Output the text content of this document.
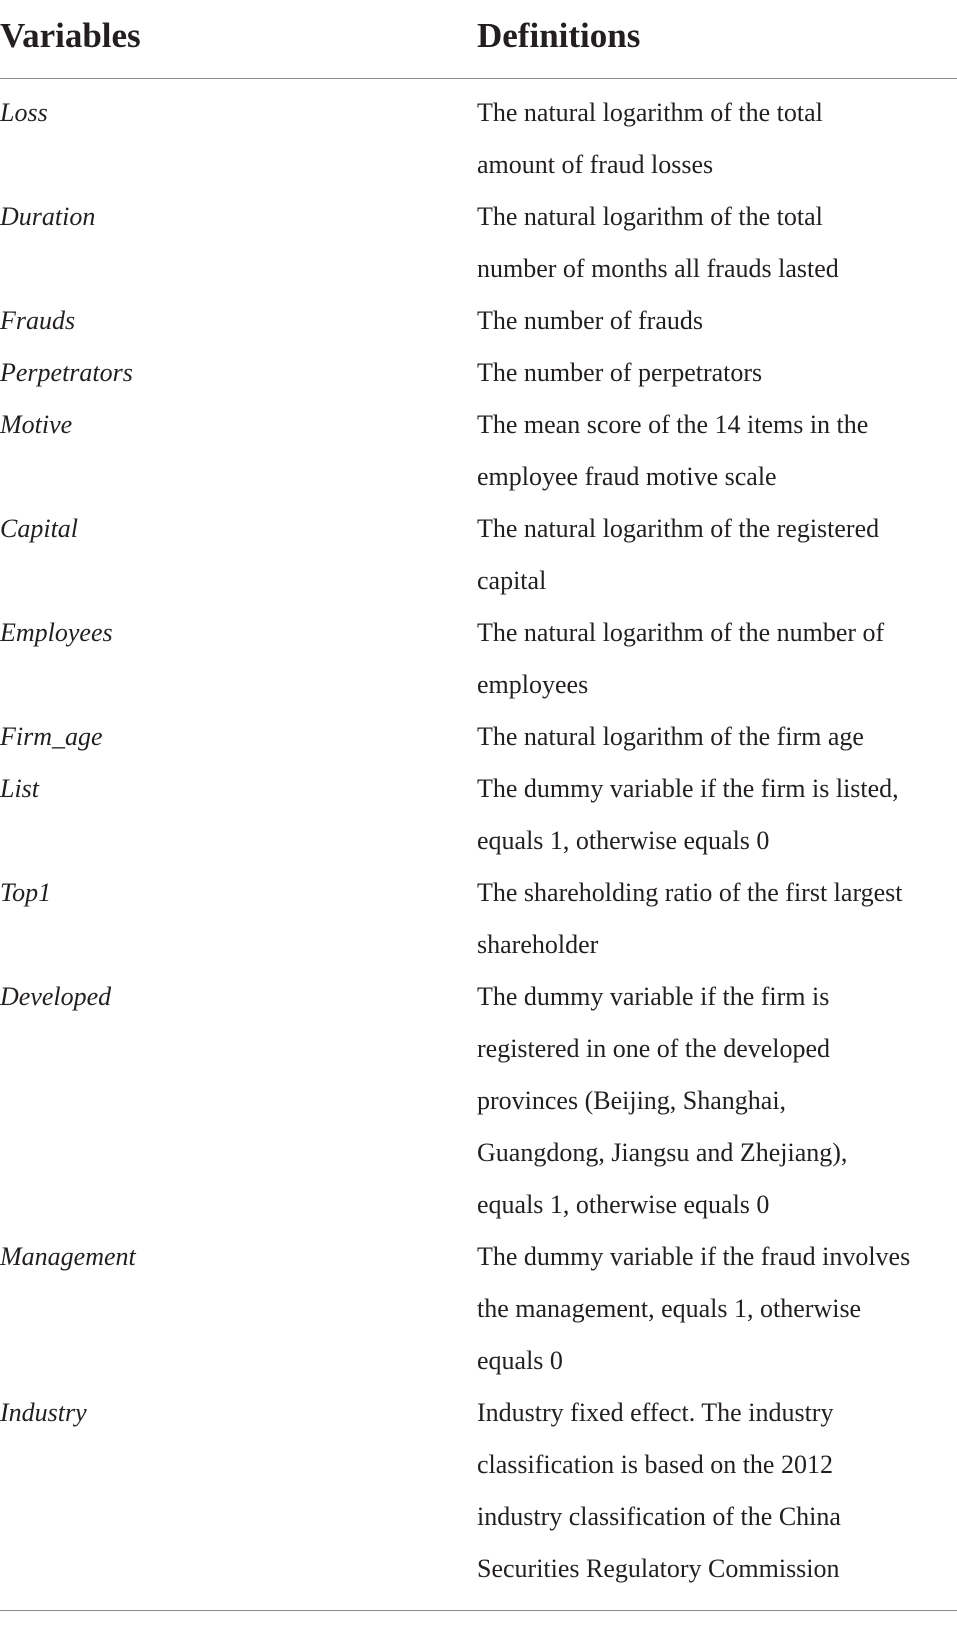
Variables	Definitions
Loss	The natural logarithm of the total
amount of fraud losses
Duration	The natural logarithm of the total
number of months all frauds lasted
Frauds	The number of frauds
Perpetrators	The number of perpetrators
Motive	The mean score of the 14 items in the
employee fraud motive scale
Capital	The natural logarithm of the registered
capital
Employees	The natural logarithm of the number of
employees
Firm_age	The natural logarithm of the firm age
List	The dummy variable if the firm is listed,
equals 1, otherwise equals 0
Top1	The shareholding ratio of the first largest
shareholder
Developed	The dummy variable if the firm is
registered in one of the developed
provinces (Beijing, Shanghai,
Guangdong, Jiangsu and Zhejiang),
equals 1, otherwise equals 0
Management	The dummy variable if the fraud involves
the management, equals 1, otherwise
equals 0
Industry	Industry fixed effect. The industry
classification is based on the 2012
industry classification of the China
Securities Regulatory Commission
